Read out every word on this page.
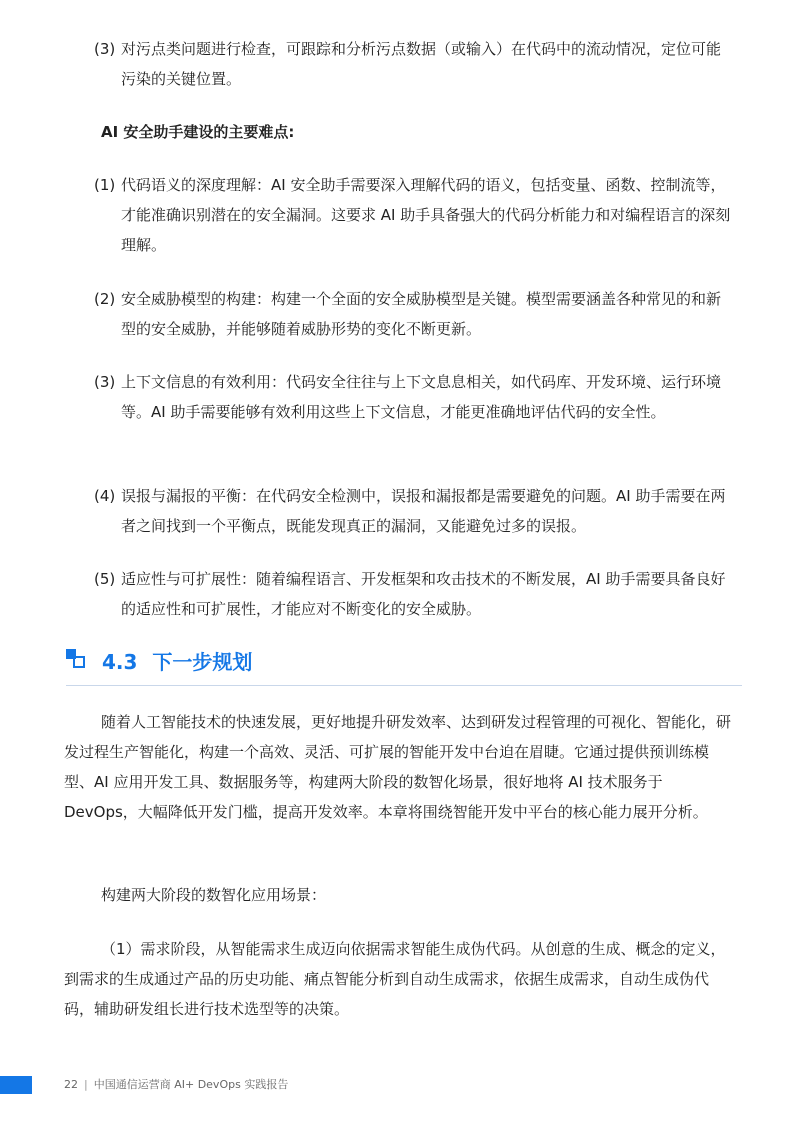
(3) 对污点类问题进行检查，可跟踪和分析污点数据（或输入）在代码中的流动情况，定位可能污染的关键位置。

AI 安全助手建设的主要难点:

(1) 代码语义的深度理解：AI 安全助手需要深入理解代码的语义，包括变量、函数、控制流等，才能准确识别潜在的安全漏洞。这要求 AI 助手具备强大的代码分析能力和对编程语言的深刻理解。

(2) 安全威胁模型的构建：构建一个全面的安全威胁模型是关键。模型需要涵盖各种常见的和新型的安全威胁，并能够随着威胁形势的变化不断更新。

(3) 上下文信息的有效利用：代码安全往往与上下文息息相关，如代码库、开发环境、运行环境等。AI 助手需要能够有效利用这些上下文信息，才能更准确地评估代码的安全性。

(4) 误报与漏报的平衡：在代码安全检测中，误报和漏报都是需要避免的问题。AI 助手需要在两者之间找到一个平衡点，既能发现真正的漏洞，又能避免过多的误报。

(5) 适应性与可扩展性：随着编程语言、开发框架和攻击技术的不断发展，AI 助手需要具备良好的适应性和可扩展性，才能应对不断变化的安全威胁。

4.3 下一步规划

随着人工智能技术的快速发展，更好地提升研发效率、达到研发过程管理的可视化、智能化，研发过程生产智能化，构建一个高效、灵活、可扩展的智能开发中台迫在眉睫。它通过提供预训练模型、AI 应用开发工具、数据服务等，构建两大阶段的数智化场景，很好地将 AI 技术服务于 DevOps，大幅降低开发门槛，提高开发效率。本章将围绕智能开发中平台的核心能力展开分析。

构建两大阶段的数智化应用场景：

（1）需求阶段，从智能需求生成迈向依据需求智能生成伪代码。从创意的生成、概念的定义，到需求的生成通过产品的历史功能、痛点智能分析到自动生成需求，依据生成需求，自动生成伪代码，辅助研发组长进行技术选型等的决策。

22 | 中国通信运营商 AI+ DevOps 实践报告
